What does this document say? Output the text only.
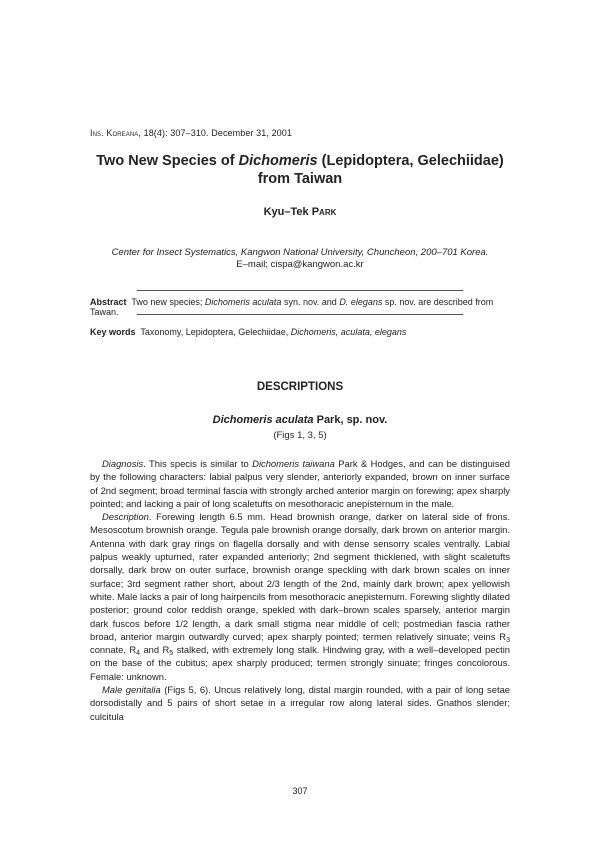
Ins. Koreana, 18(4): 307–310. December 31, 2001
Two New Species of Dichomeris (Lepidoptera, Gelechiidae)
from Taiwan
Kyu–Tek Park
Center for Insect Systematics, Kangwon National University, Chuncheon, 200–701 Korea.
E–mail; cispa@kangwon.ac.kr
Abstract Two new species; Dichomeris aculata syn. nov. and D. elegans sp. nov. are described from Tawan.
Key words Taxonomy, Lepidoptera, Gelechiidae, Dichomeris, aculata, elegans
DESCRIPTIONS
Dichomeris aculata Park, sp. nov.
(Figs 1, 3, 5)

Diagnosis. This specis is similar to Dichomeris taiwana Park & Hodges, and can be distinguised by the following characters: labial palpus very slender, anteriorly expanded, brown on inner surface of 2nd segment; broad terminal fascia with strongly arched anterior margin on forewing; apex sharply pointed; and lacking a pair of long scaletufts on mesothoracic anepisternum in the male.

Description. Forewing length 6.5 mm. Head brownish orange, darker on lateral side of frons. Mesoscotum brownish orange. Tegula pale brownish orange dorsally, dark brown on anterior margin. Antenna with dark gray rings on flagella dorsally and with dense sensorry scales ventrally. Labial palpus weakly upturned, rater expanded anteriorly; 2nd segment thicklened, with slight scaletufts dorsally, dark brow on outer surface, brownish orange speckling with dark brown scales on inner surface; 3rd segment rather short, about 2/3 length of the 2nd, mainly dark brown; apex yellowish white. Male lacks a pair of long hairpencils from mesothoracic anepisternum. Forewing slightly dilated posterior; ground color reddish orange, spekled with dark–brown scales sparsely, anterior margin dark fuscos before 1/2 length, a dark small stigma near middle of cell; postmedian fascia rather broad, anterior margin outwardly curved; apex sharply pointed; termen relatively sinuate; veins $R_3$ connate, $R_4$ and $R_5$ stalked, with extremely long stalk. Hindwing gray, with a well–developed pectin on the base of the cubitus; apex sharply produced; termen strongly sinuate; fringes concolorous. Female: unknown.

Male genitalia (Figs 5, 6). Uncus relatively long, distal margin rounded, with a pair of long setae dorsodistally and 5 pairs of short setae in a irregular row along lateral sides. Gnathos slender; culcitula

307
